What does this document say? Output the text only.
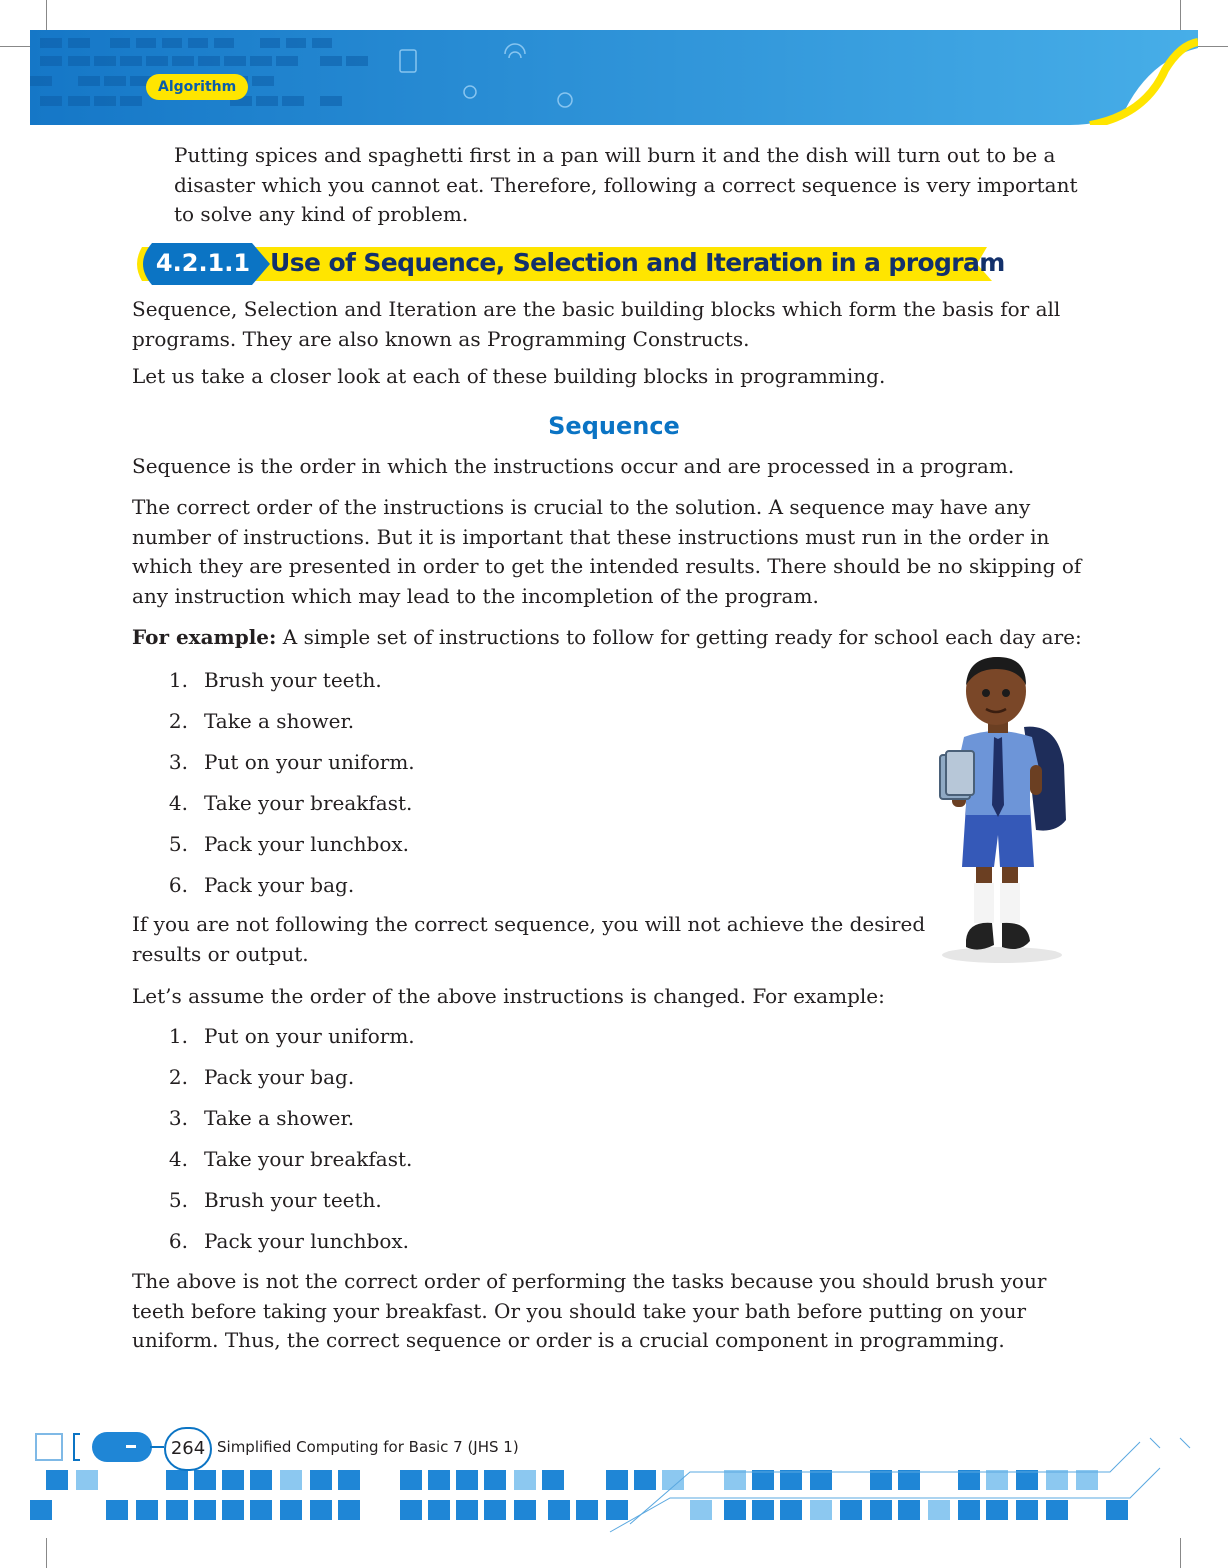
Algorithm
Putting spices and spaghetti first in a pan will burn it and the dish will turn out to be a disaster which you cannot eat. Therefore, following a correct sequence is very important to solve any kind of problem.
4.2.1.1 Use of Sequence, Selection and Iteration in a program
Sequence, Selection and Iteration are the basic building blocks which form the basis for all programs. They are also known as Programming Constructs.
Let us take a closer look at each of these building blocks in programming.
Sequence
Sequence is the order in which the instructions occur and are processed in a program.
The correct order of the instructions is crucial to the solution. A sequence may have any number of instructions. But it is important that these instructions must run in the order in which they are presented in order to get the intended results. There should be no skipping of any instruction which may lead to the incompletion of the program.
For example: A simple set of instructions to follow for getting ready for school each day are:
1. Brush your teeth.
2. Take a shower.
3. Put on your uniform.
4. Take your breakfast.
5. Pack your lunchbox.
6. Pack your bag.
If you are not following the correct sequence, you will not achieve the desired results or output.
Let’s assume the order of the above instructions is changed. For example:
1. Put on your uniform.
2. Pack your bag.
3. Take a shower.
4. Take your breakfast.
5. Brush your teeth.
6. Pack your lunchbox.
The above is not the correct order of performing the tasks because you should brush your teeth before taking your breakfast. Or you should take your bath before putting on your uniform. Thus, the correct sequence or order is a crucial component in programming.
264 Simplified Computing for Basic 7 (JHS 1)
